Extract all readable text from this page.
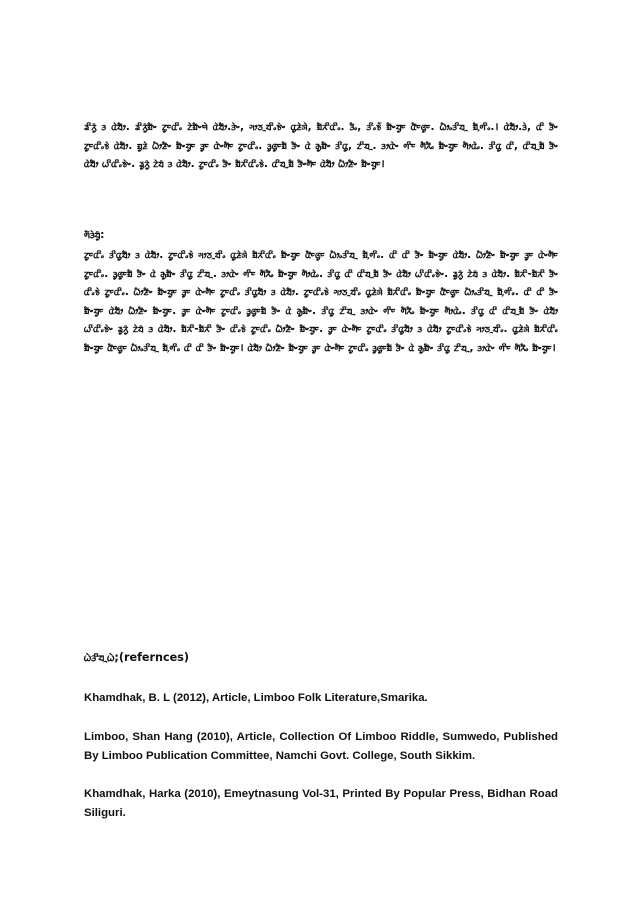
ᤕᤡᤖᤢ᤺ ᤋ ᤂᤧᤔ᤺ᤥ. ᤕᤡᤖᤢ᤺ᤀᤠᤴ ᤁᤢᤰᤂᤡᤱ ᤁᤧᤀᤠᤴᤗᤧ ᤂᤧᤔ᤺ᤥ.ᤋᤧᤴ, ᤆᤣᤍᤳᤔᤡᤱᤃᤧᤴ ᤂᤢᤏᤧᤈᤧ, ᤀᤠᤖᤡᤂᤡᤱ. ᤋᤠᤱ, ᤋᤡᤱᤃᤧ᤺ ᤀᤠᤴᤔᤢᤰ ᤂᤠᤰᤜᤢᤰ. ᤐᤥᤱᤋᤡᤔᤳ ᤀᤠ᤹ᤛᤡᤱ.। ᤂᤧᤔ᤺ᤥ.ᤋᤧ, ᤂᤡ ᤋᤠᤴ ᤁᤢᤰᤂᤡᤱᤃᤧ ᤂᤧᤔ᤺ᤥ. ᤀᤢᤏᤧ ᤐᤥᤏᤠᤴ ᤀᤠᤴᤔᤢᤰ ᤋᤢᤰ ᤂᤧᤴᤛᤠᤰ ᤁᤢᤰᤂᤡᤱ. ᤋᤢᤜᤢᤰᤀᤠ ᤋᤠᤴ ᤂᤧ ᤌᤢᤀᤠᤴ ᤋᤡᤂᤢ, ᤁᤡᤔᤳ. ᤋᤣᤂᤧᤴ ᤛᤡᤰ ᤛᤠᤖᤠᤱ ᤀᤠᤴᤔᤢᤰ ᤛᤥᤂᤧᤱ. ᤋᤡᤂᤢ ᤂᤡ, ᤂᤡᤔᤳᤀᤠ ᤋᤠᤴ ᤂᤧᤔ᤺ᤥ ᤐᤡᤂᤡᤱᤃᤧᤴ. ᤕᤢᤖᤢ᤺ ᤁᤧᤔ᤺ ᤋ ᤂᤧᤔ᤺ᤥ. ᤁᤢᤰᤂᤡᤱ ᤋᤠᤴ ᤀᤠᤖᤡᤂᤡᤱᤃᤧ. ᤂᤡᤔᤳᤀᤠ ᤋᤠᤴᤛᤠᤰ ᤂᤧᤔ᤺ᤥ ᤐᤥᤏᤠᤴ ᤀᤠᤴᤔᤢᤰ।

ᤛᤠᤋᤧᤔᤢ᤺:

ᤁᤢᤰᤂᤡᤱ ᤋᤡᤂᤢᤔ᤺ᤥ ᤋ ᤂᤧᤔ᤺ᤥ. ᤁᤢᤰᤂᤡᤱᤃᤧ ᤆᤣᤍᤳᤔᤡᤱ ᤂᤢᤏᤧᤈᤧ ᤀᤠᤖᤡᤂᤡᤱ ᤀᤠᤴᤔᤢᤰ ᤂᤠᤰᤜᤢᤰ ᤐᤥᤱᤋᤡᤔᤳ ᤀᤠ᤹ᤛᤡᤱ. ᤂᤡ ᤂᤡ ᤋᤠᤴ ᤀᤠᤴᤔᤢᤰ ᤂᤧᤔ᤺ᤥ. ᤐᤥᤏᤠᤴ ᤀᤠᤴᤔᤢᤰ ᤋᤢᤰ ᤂᤧᤴᤛᤠᤰ ᤁᤢᤰᤂᤡᤱ. ᤋᤢᤜᤢᤰᤀᤠ ᤋᤠᤴ ᤂᤧ ᤌᤢᤀᤠᤴ ᤋᤡᤂᤢ ᤁᤡᤔᤳ. ᤋᤣᤂᤧᤴ ᤛᤡᤰ ᤛᤠᤖᤠᤱ ᤀᤠᤴᤔᤢᤰ ᤛᤥᤂᤧᤱ. ᤋᤡᤂᤢ ᤂᤡ ᤂᤡᤔᤳᤀᤠ ᤋᤠᤴ ᤂᤧᤔ᤺ᤥ ᤐᤡᤂᤡᤱᤃᤧᤴ. ᤕᤢᤖᤢ᤺ ᤁᤧᤔ᤺ ᤋ ᤂᤧᤔ᤺ᤥ. ᤀᤠᤖᤡ-ᤀᤠᤖᤡ ᤋᤠᤴ ᤂᤡᤱᤃᤧ ᤁᤢᤰᤂᤡᤱ. ᤐᤥᤏᤠᤴ ᤀᤠᤴᤔᤢᤰ ᤋᤢᤰ ᤂᤧᤴᤛᤠᤰ ᤁᤢᤰᤂᤡᤱ ᤋᤡᤂᤢᤔ᤺ᤥ ᤋ ᤂᤧᤔ᤺ᤥ. ᤁᤢᤰᤂᤡᤱᤃᤧ ᤆᤣᤍᤳᤔᤡᤱ ᤂᤢᤏᤧᤈᤧ ᤀᤠᤖᤡᤂᤡᤱ ᤀᤠᤴᤔᤢᤰ ᤂᤠᤰᤜᤢᤰ ᤐᤥᤱᤋᤡᤔᤳ ᤀᤠ᤹ᤛᤡᤱ. ᤂᤡ ᤂᤡ ᤋᤠᤴ ᤀᤠᤴᤔᤢᤰ ᤂᤧᤔ᤺ᤥ ᤐᤥᤏᤠᤴ ᤀᤠᤴᤔᤢᤰ. ᤋᤢᤰ ᤂᤧᤴᤛᤠᤰ ᤁᤢᤰᤂᤡᤱ ᤋᤢᤜᤢᤰᤀᤠ ᤋᤠᤴ ᤂᤧ ᤌᤢᤀᤠᤴ. ᤋᤡᤂᤢ ᤁᤡᤔᤳ ᤋᤣᤂᤧᤴ ᤛᤡᤰ ᤛᤠᤖᤠᤱ ᤀᤠᤴᤔᤢᤰ ᤛᤥᤂᤧᤱ. ᤋᤡᤂᤢ ᤂᤡ ᤂᤡᤔᤳᤀᤠ ᤋᤠᤴ ᤂᤧᤔ᤺ᤥ ᤐᤡᤂᤡᤱᤃᤧᤴ ᤕᤢᤖᤢ᤺ ᤁᤧᤔ᤺ ᤋ ᤂᤧᤔ᤺ᤥ. ᤀᤠᤖᤡ-ᤀᤠᤖᤡ ᤋᤠᤴ ᤂᤡᤱᤃᤧ ᤁᤢᤰᤂᤡᤱ ᤐᤥᤏᤠᤴ ᤀᤠᤴᤔᤢᤰ. ᤋᤢᤰ ᤂᤧᤴᤛᤠᤰ ᤁᤢᤰᤂᤡᤱ ᤋᤡᤂᤢᤔ᤺ᤥ ᤋ ᤂᤧᤔ᤺ᤥ ᤁᤢᤰᤂᤡᤱᤃᤧ ᤆᤣᤍᤳᤔᤡᤱ. ᤂᤢᤏᤧᤈᤧ ᤀᤠᤖᤡᤂᤡᤱ ᤀᤠᤴᤔᤢᤰ ᤂᤠᤰᤜᤢᤰ ᤐᤥᤱᤋᤡᤔᤳ ᤀᤠ᤹ᤛᤡᤱ ᤂᤡ ᤂᤡ ᤋᤠᤴ ᤀᤠᤴᤔᤢᤰ। ᤂᤧᤔ᤺ᤥ ᤐᤥᤏᤠᤴ ᤀᤠᤴᤔᤢᤰ ᤋᤢᤰ ᤂᤧᤴᤛᤠᤰ ᤁᤢᤰᤂᤡᤱ ᤋᤢᤜᤢᤰᤀᤠ ᤋᤠᤴ ᤂᤧ ᤌᤢᤀᤠᤴ ᤋᤡᤂᤢ ᤁᤡᤔᤳ, ᤋᤣᤂᤧᤴ ᤛᤡᤰ ᤛᤠᤖᤠᤱ ᤀᤠᤴᤔᤢᤰ।

ᤐᤧᤋᤡᤔᤳᤐᤧ;(refernces)

Khamdhak, B. L (2012), Article, Limboo Folk Literature,Smarika.

Limboo, Shan Hang (2010), Article, Collection Of Limboo Riddle, Sumwedo, Published By Limboo Publication Committee, Namchi Govt. College, South Sikkim.

Khamdhak, Harka (2010), Emeytnasung Vol-31, Printed By Popular Press, Bidhan Road Siliguri.
